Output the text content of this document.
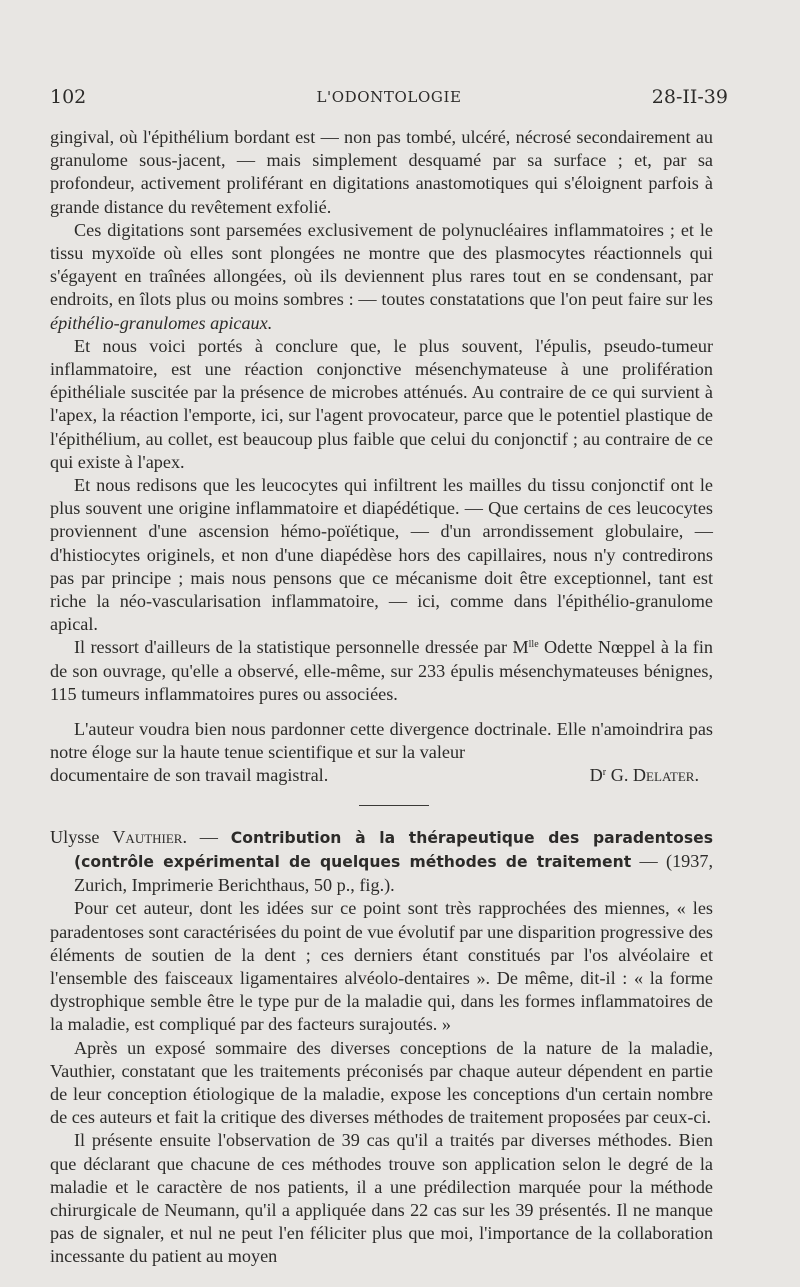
102	L'ODONTOLOGIE	28-II-39

gingival, où l'épithélium bordant est — non pas tombé, ulcéré, nécrosé secondairement au granulome sous-jacent, — mais simplement desquamé par sa surface ; et, par sa profondeur, activement proliférant en digitations anastomotiques qui s'éloignent parfois à grande distance du revêtement exfolié.

Ces digitations sont parsemées exclusivement de polynucléaires inflammatoires ; et le tissu myxoïde où elles sont plongées ne montre que des plasmocytes réactionnels qui s'égayent en traînées allongées, où ils deviennent plus rares tout en se condensant, par endroits, en îlots plus ou moins sombres : — toutes constatations que l'on peut faire sur les épithélio-granulomes apicaux.

Et nous voici portés à conclure que, le plus souvent, l'épulis, pseudo-tumeur inflammatoire, est une réaction conjonctive mésenchymateuse à une prolifération épithéliale suscitée par la présence de microbes atténués. Au contraire de ce qui survient à l'apex, la réaction l'emporte, ici, sur l'agent provocateur, parce que le potentiel plastique de l'épithélium, au collet, est beaucoup plus faible que celui du conjonctif ; au contraire de ce qui existe à l'apex.

Et nous redisons que les leucocytes qui infiltrent les mailles du tissu conjonctif ont le plus souvent une origine inflammatoire et diapédétique. — Que certains de ces leucocytes proviennent d'une ascension hémo-poïétique, — d'un arrondissement globulaire, — d'histiocytes originels, et non d'une diapédèse hors des capillaires, nous n'y contredirons pas par principe ; mais nous pensons que ce mécanisme doit être exceptionnel, tant est riche la néo-vascularisation inflammatoire, — ici, comme dans l'épithélio-granulome apical.

Il ressort d'ailleurs de la statistique personnelle dressée par $M^{lle}$ Odette Nœppel à la fin de son ouvrage, qu'elle a observé, elle-même, sur 233 épulis mésenchymateuses bénignes, 115 tumeurs inflammatoires pures ou associées.

L'auteur voudra bien nous pardonner cette divergence doctrinale. Elle n'amoindrira pas notre éloge sur la haute tenue scientifique et sur la valeur

documentaire de son travail magistral.	$D^r$ G. Delater.

Ulysse Vauthier. — Contribution à la thérapeutique des paradentoses (contrôle expérimental de quelques méthodes de traitement — (1937, Zurich, Imprimerie Berichthaus, 50 p., fig.).

Pour cet auteur, dont les idées sur ce point sont très rapprochées des miennes, « les paradentoses sont caractérisées du point de vue évolutif par une disparition progressive des éléments de soutien de la dent ; ces derniers étant constitués par l'os alvéolaire et l'ensemble des faisceaux ligamentaires alvéolo-dentaires ». De même, dit-il : « la forme dystrophique semble être le type pur de la maladie qui, dans les formes inflammatoires de la maladie, est compliqué par des facteurs surajoutés. »

Après un exposé sommaire des diverses conceptions de la nature de la maladie, Vauthier, constatant que les traitements préconisés par chaque auteur dépendent en partie de leur conception étiologique de la maladie, expose les conceptions d'un certain nombre de ces auteurs et fait la critique des diverses méthodes de traitement proposées par ceux-ci.

Il présente ensuite l'observation de 39 cas qu'il a traités par diverses méthodes. Bien que déclarant que chacune de ces méthodes trouve son application selon le degré de la maladie et le caractère de nos patients, il a une prédilection marquée pour la méthode chirurgicale de Neumann, qu'il a appliquée dans 22 cas sur les 39 présentés. Il ne manque pas de signaler, et nul ne peut l'en féliciter plus que moi, l'importance de la collaboration incessante du patient au moyen
